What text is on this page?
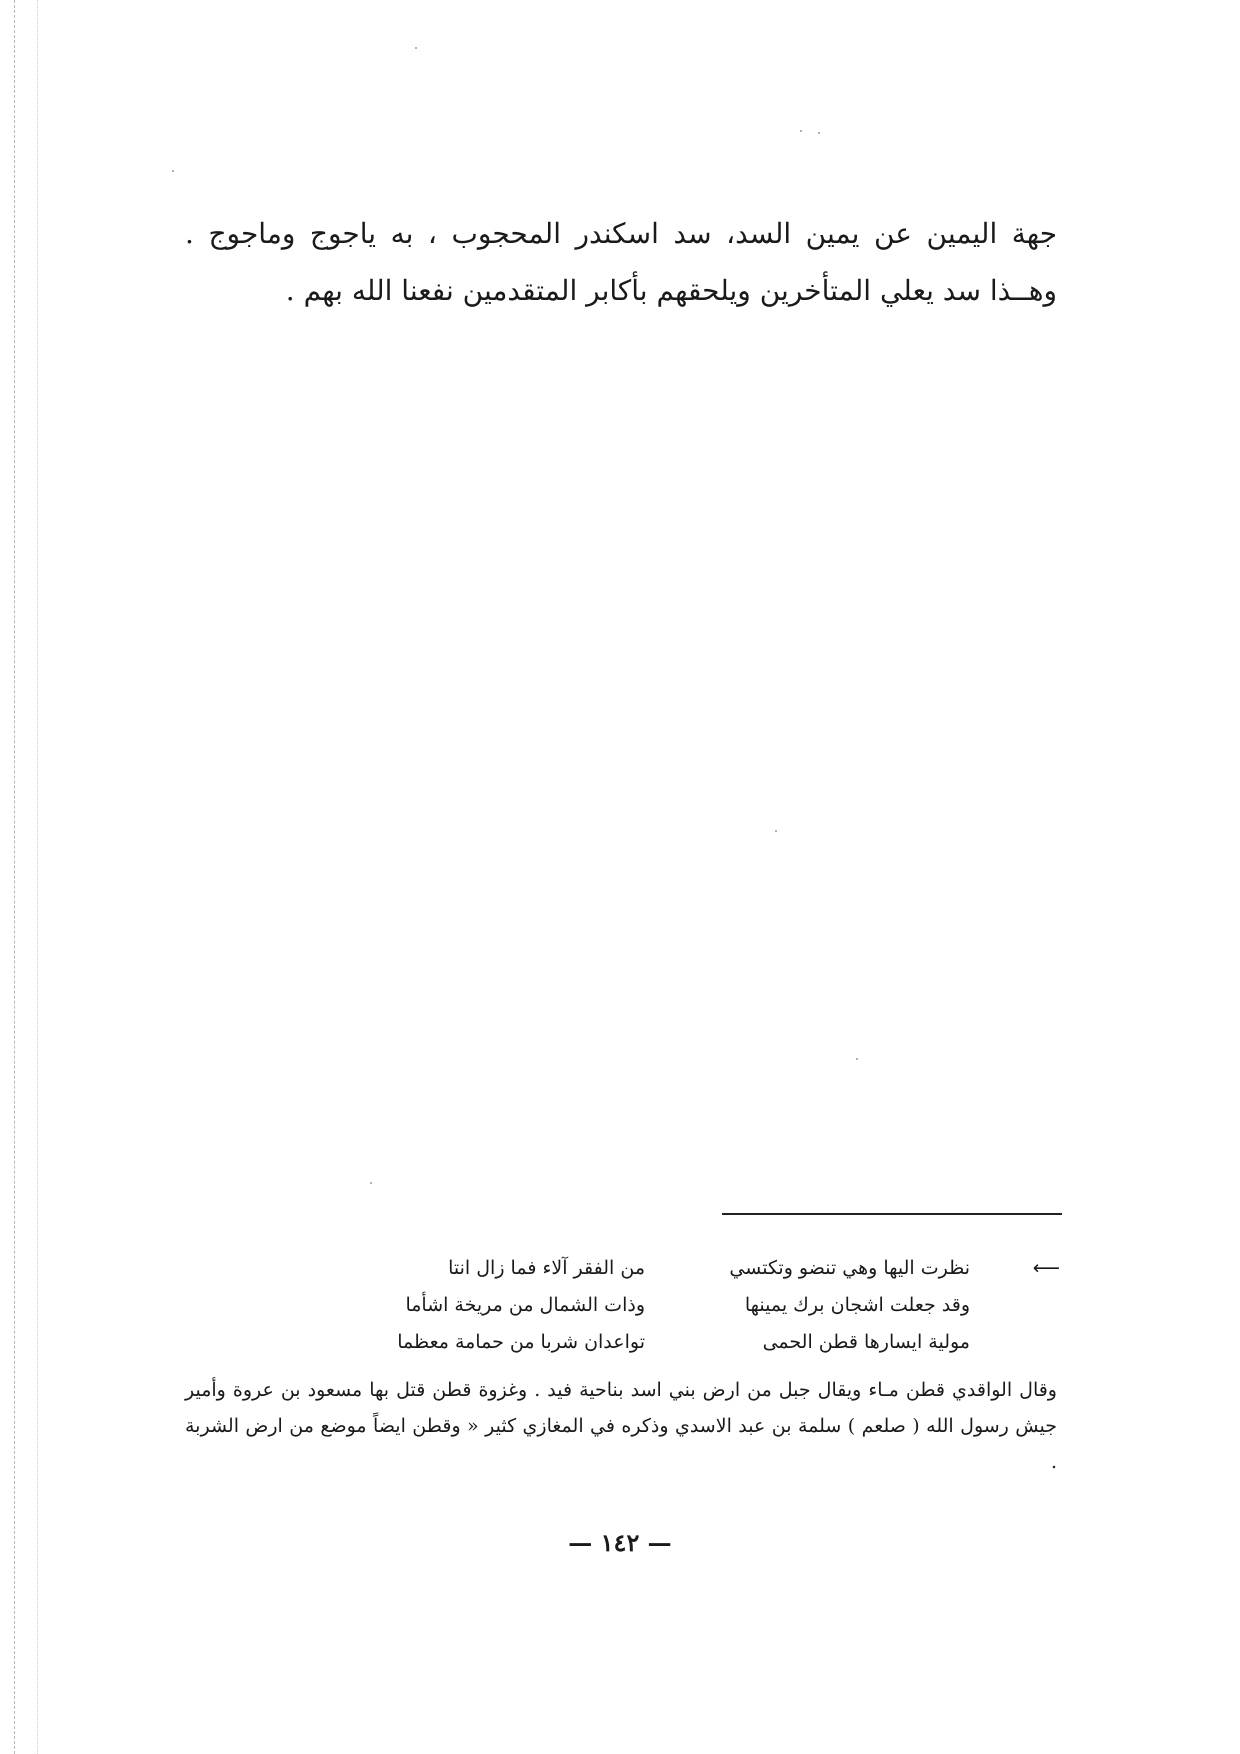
جهة اليمين عن يمين السد، سد اسكندر المحجوب ، به ياجوج وماجوج . وهــذا سد يعلي المتأخرين ويلحقهم بأكابر المتقدمين نفعنا الله بهم .

⟵
نظرت اليها وهي تنضو وتكتسي
من الفقر آلاء فما زال انتا
وقد جعلت اشجان برك يمينها
وذات الشمال من مريخة اشأما
مولية ايسارها قطن الحمى
تواعدان شربا من حمامة معظما

وقال الواقدي قطن مـاء ويقال جبل من ارض بني اسد بناحية فيد . وغزوة قطن قتل بها مسعود بن عروة وأمير جيش رسول الله ( صلعم ) سلمة بن عبد الاسدي وذكره في المغازي كثير « وقطن ايضاً موضع من ارض الشربة .

— ١٤٢ —
